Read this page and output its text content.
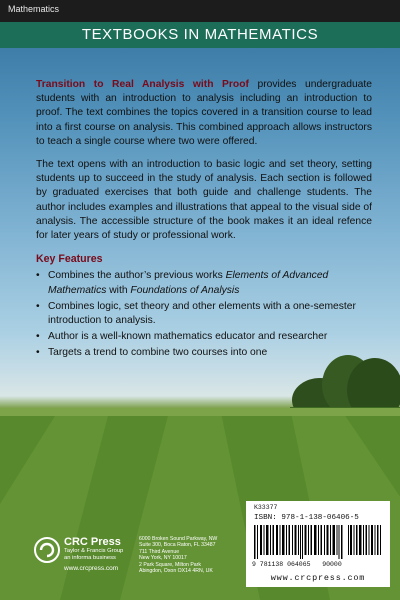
Mathematics
TEXTBOOKS IN MATHEMATICS

Transition to Real Analysis with Proof provides undergraduate students with an introduction to analysis including an introduction to proof. The text combines the topics covered in a transition course to lead into a first course on analysis. This combined approach allows instructors to teach a single course where two were offered.

The text opens with an introduction to basic logic and set theory, setting students up to succeed in the study of analysis. Each section is followed by graduated exercises that both guide and challenge students. The author includes examples and illustrations that appeal to the visual side of analysis. The accessible structure of the book makes it an ideal refence for later years of study or professional work.

Key Features
• Combines the author’s previous works Elements of Advanced Mathematics with Foundations of Analysis
• Combines logic, set theory and other elements with a one-semester introduction to analysis.
• Author is a well-known mathematics educator and researcher
• Targets a trend to combine two courses into one
CRC Press
Taylor & Francis Group
an informa business
www.crcpress.com
6000 Broken Sound Parkway, NW
Suite 300, Boca Raton, FL 33487
711 Third Avenue
New York, NY 10017
2 Park Square, Milton Park
Abingdon, Oxon OX14 4RN, UK
K33377
ISBN: 978-1-138-06406-5
9 781138 064065 90000
www.crcpress.com
